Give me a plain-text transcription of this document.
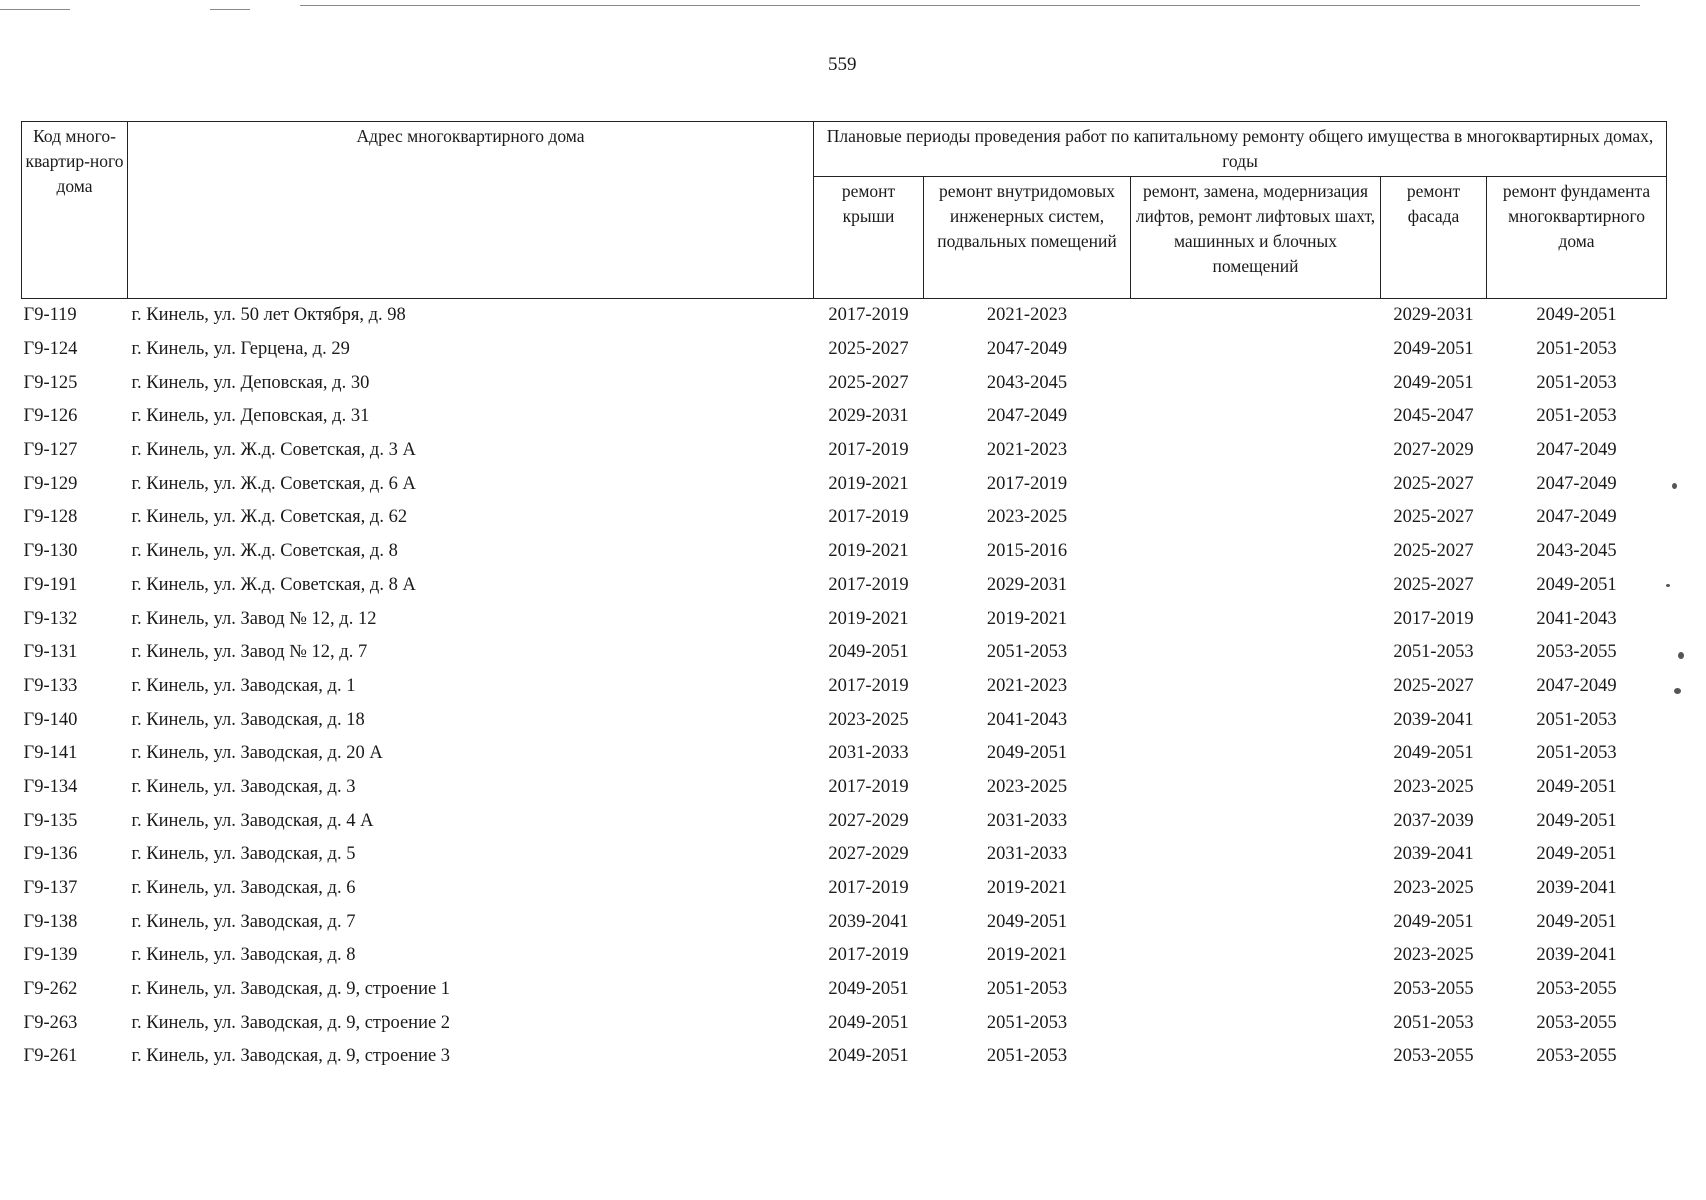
559
Код много-квартир-ного дома	Адрес многоквартирного дома	Плановые периоды проведения работ по капитальному ремонту общего имущества в многоквартирных домах, годы				
		ремонт крыши	ремонт внутридомовых инженерных систем, подвальных помещений	ремонт, замена, модернизация лифтов, ремонт лифтовых шахт, машинных и блочных помещений	ремонт фасада	ремонт фундамента многоквартирного дома
Г9-119	г. Кинель, ул. 50 лет Октября, д. 98	2017-2019	2021-2023		2029-2031	2049-2051
Г9-124	г. Кинель, ул. Герцена, д. 29	2025-2027	2047-2049		2049-2051	2051-2053
Г9-125	г. Кинель, ул. Деповская, д. 30	2025-2027	2043-2045		2049-2051	2051-2053
Г9-126	г. Кинель, ул. Деповская, д. 31	2029-2031	2047-2049		2045-2047	2051-2053
Г9-127	г. Кинель, ул. Ж.д. Советская, д. 3 А	2017-2019	2021-2023		2027-2029	2047-2049
Г9-129	г. Кинель, ул. Ж.д. Советская, д. 6 А	2019-2021	2017-2019		2025-2027	2047-2049
Г9-128	г. Кинель, ул. Ж.д. Советская, д. 62	2017-2019	2023-2025		2025-2027	2047-2049
Г9-130	г. Кинель, ул. Ж.д. Советская, д. 8	2019-2021	2015-2016		2025-2027	2043-2045
Г9-191	г. Кинель, ул. Ж.д. Советская, д. 8 А	2017-2019	2029-2031		2025-2027	2049-2051
Г9-132	г. Кинель, ул. Завод № 12, д. 12	2019-2021	2019-2021		2017-2019	2041-2043
Г9-131	г. Кинель, ул. Завод № 12, д. 7	2049-2051	2051-2053		2051-2053	2053-2055
Г9-133	г. Кинель, ул. Заводская, д. 1	2017-2019	2021-2023		2025-2027	2047-2049
Г9-140	г. Кинель, ул. Заводская, д. 18	2023-2025	2041-2043		2039-2041	2051-2053
Г9-141	г. Кинель, ул. Заводская, д. 20 А	2031-2033	2049-2051		2049-2051	2051-2053
Г9-134	г. Кинель, ул. Заводская, д. 3	2017-2019	2023-2025		2023-2025	2049-2051
Г9-135	г. Кинель, ул. Заводская, д. 4 А	2027-2029	2031-2033		2037-2039	2049-2051
Г9-136	г. Кинель, ул. Заводская, д. 5	2027-2029	2031-2033		2039-2041	2049-2051
Г9-137	г. Кинель, ул. Заводская, д. 6	2017-2019	2019-2021		2023-2025	2039-2041
Г9-138	г. Кинель, ул. Заводская, д. 7	2039-2041	2049-2051		2049-2051	2049-2051
Г9-139	г. Кинель, ул. Заводская, д. 8	2017-2019	2019-2021		2023-2025	2039-2041
Г9-262	г. Кинель, ул. Заводская, д. 9, строение 1	2049-2051	2051-2053		2053-2055	2053-2055
Г9-263	г. Кинель, ул. Заводская, д. 9, строение 2	2049-2051	2051-2053		2051-2053	2053-2055
Г9-261	г. Кинель, ул. Заводская, д. 9, строение 3	2049-2051	2051-2053		2053-2055	2053-2055
